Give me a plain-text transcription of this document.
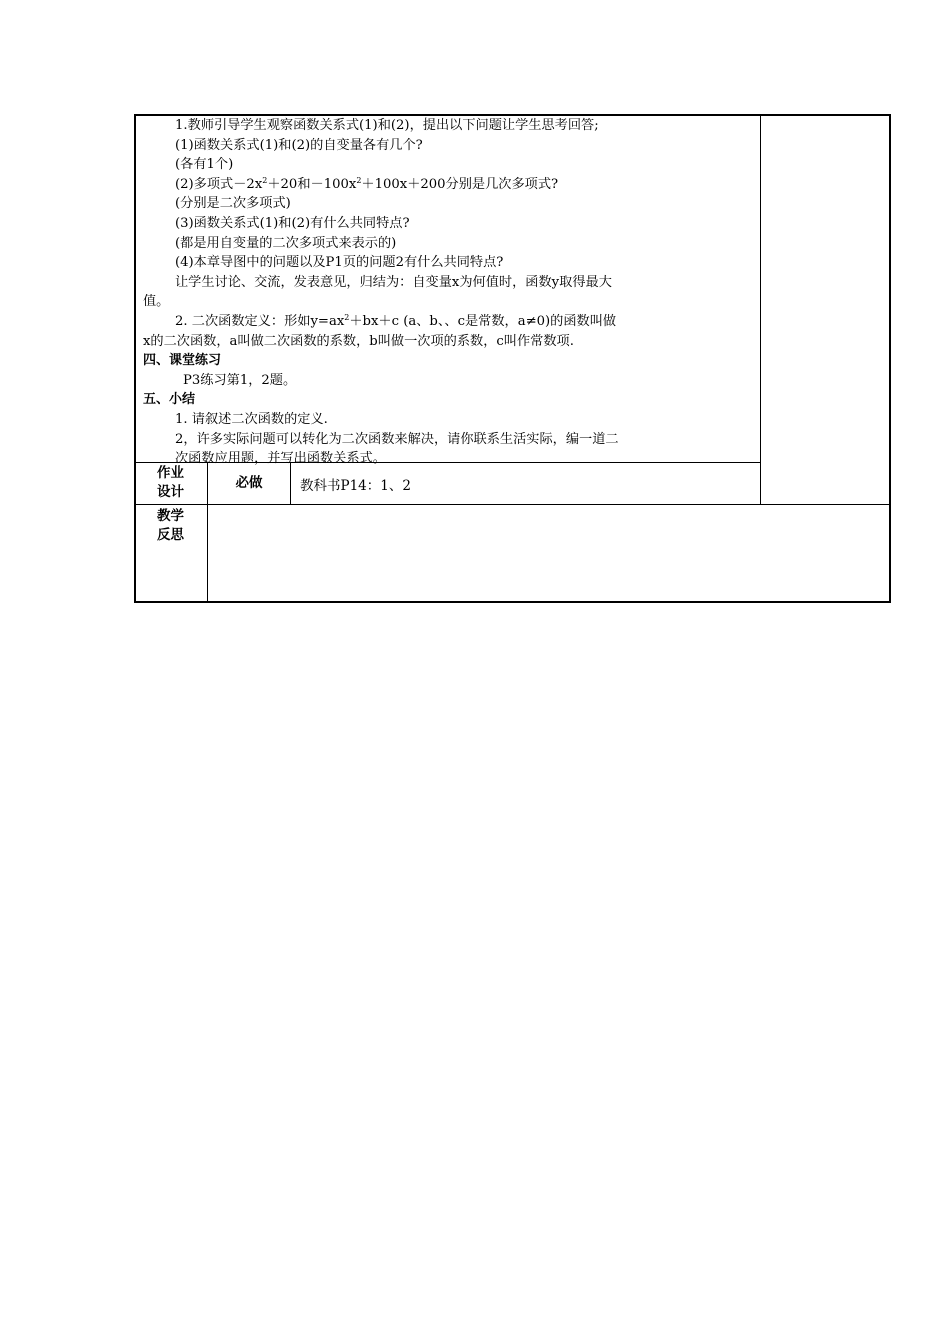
1.教师引导学生观察函数关系式(1)和(2)，提出以下问题让学生思考回答;

(1)函数关系式(1)和(2)的自变量各有几个?

(各有1个)

(2)多项式$-2x^2+20$和$-100x^2+100x+200$分别是几次多项式?

(分别是二次多项式)

(3)函数关系式(1)和(2)有什么共同特点?

(都是用自变量的二次多项式来表示的)

(4)本章导图中的问题以及P1页的问题2有什么共同特点?

让学生讨论、交流，发表意见，归结为：自变量x为何值时，函数y取得最大

值。

2. 二次函数定义：形如$y=ax^2+bx+c$ (a、b、、c是常数，a≠0)的函数叫做

x的二次函数，a叫做二次函数的系数，b叫做一次项的系数，c叫作常数项.

四、课堂练习

P3练习第1，2题。

五、小结

1. 请叙述二次函数的定义.

2，许多实际问题可以转化为二次函数来解决，请你联系生活实际，编一道二

次函数应用题，并写出函数关系式。

作业
设计
必做	教科书P14：1、2
教学
反思
